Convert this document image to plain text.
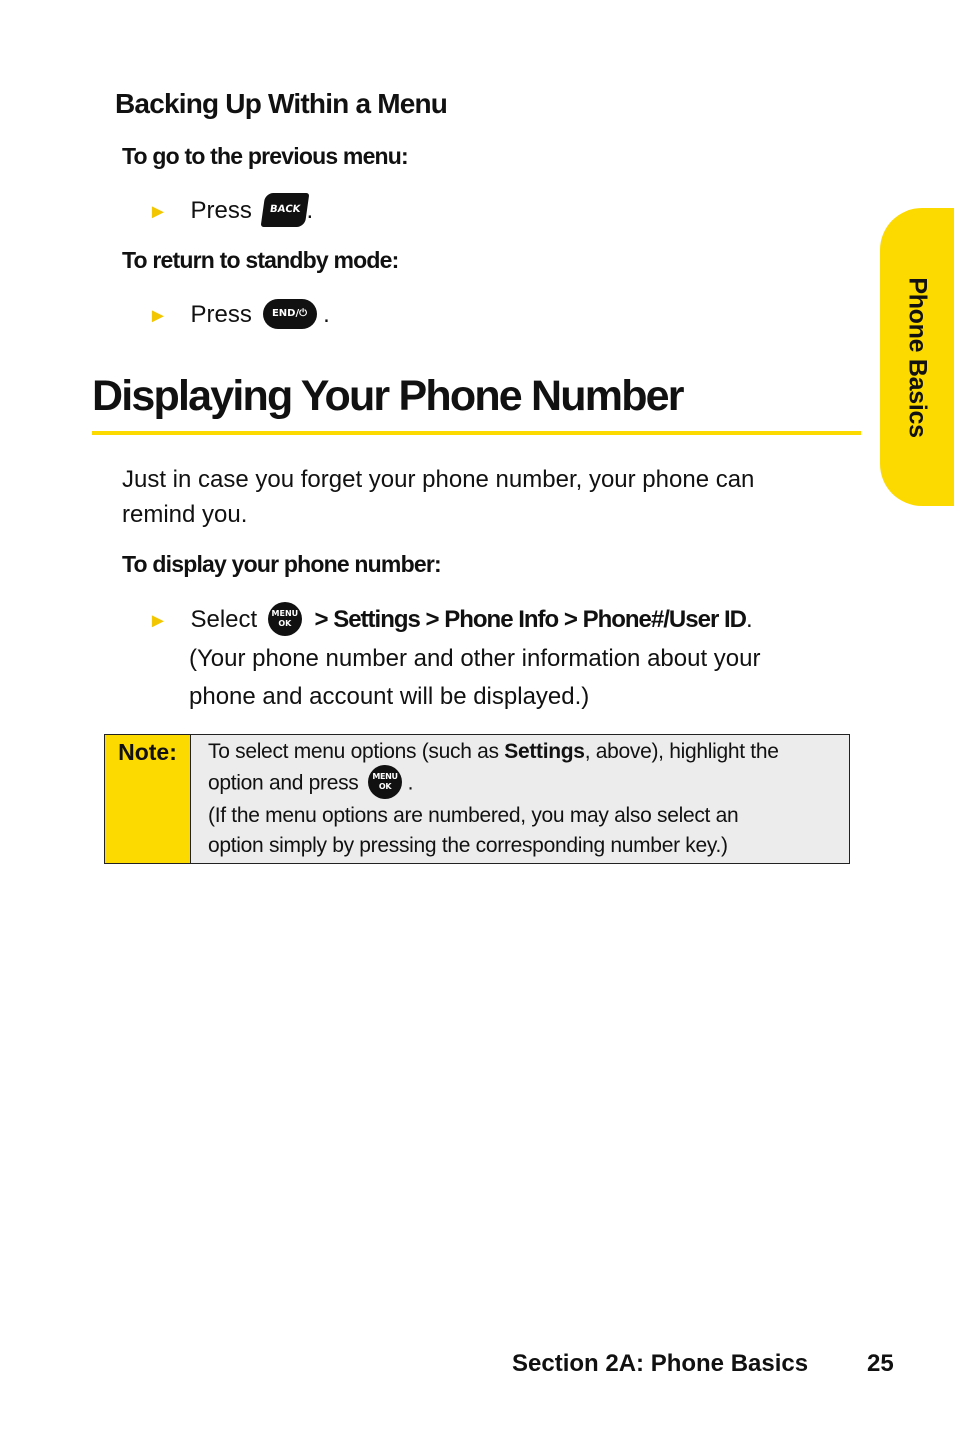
Backing Up Within a Menu
To go to the previous menu:
► Press BACK .
To return to standby mode:
► Press END/⏻ .
Displaying Your Phone Number
Just in case you forget your phone number, your phone can
remind you.
To display your phone number:
► Select MENU
OK > Settings > Phone Info > Phone#/User ID.
(Your phone number and other information about your
phone and account will be displayed.)
Note:	To select menu options (such as Settings, above), highlight the
option and press MENU
OK .
(If the menu options are numbered, you may also select an
option simply by pressing the corresponding number key.)
Phone Basics
Section 2A: Phone Basics 25
